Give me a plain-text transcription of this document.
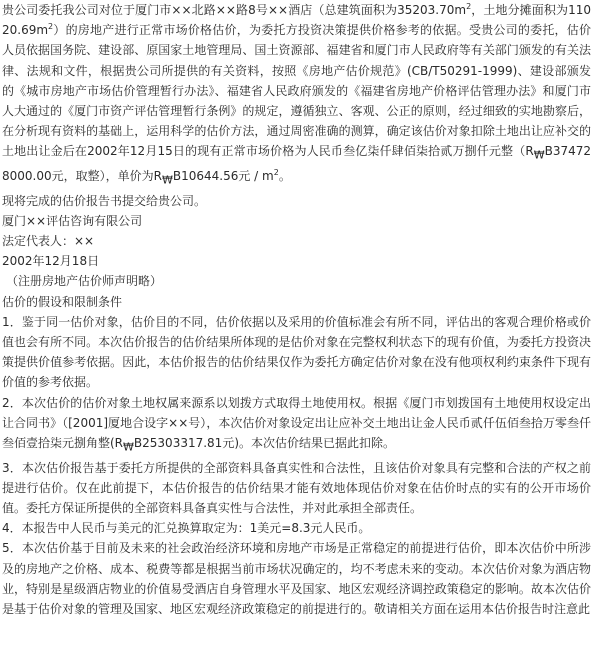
贵公司委托我公司对位于厦门市××北路××路8号××酒店（总建筑面积为$35203.70m^2$，土地分摊面积为$11020.69m^2$）的房地产进行正常市场价格估价，为委托方投资决策提供价格参考的依据。受贵公司的委托，估价人员依据国务院、建设部、原国家土地管理局、国土资源部、福建省和厦门市人民政府等有关部门颁发的有关法律、法规和文件，根据贵公司所提供的有关资料，按照《房地产估价规范》(CB/T50291-1999)、建设部颁发的《城市房地产市场估价管理暂行办法》、福建省人民政府颁发的《福建省房地产价格评估管理办法》和厦门市人大通过的《厦门市资产评估管理暂行条例》的规定，遵循独立、客观、公正的原则，经过细致的实地勘察后，在分析现有资料的基础上，运用科学的估价方法，通过周密准确的测算，确定该估价对象扣除土地出让应补交的土地出让金后在2002年12月15日的现有正常市场价格为人民币叁亿柒仟肆佰柒拾贰万捌仟元整（$R_₩B374728000.00$元，取整），单价为$R_₩B10644.56$元 / $m^2$。

现将完成的估价报告书提交给贵公司。

厦门××评估咨询有限公司

法定代表人：××

2002年12月18日

（注册房地产估价师声明略）

估价的假设和限制条件

1．鉴于同一估价对象，估价目的不同，估价依据以及采用的价值标准会有所不同，评估出的客观合理价格或价值也会有所不同。本次估价报告的估价结果所体现的是估价对象在完整权利状态下的现有价值，为委托方投资决策提供价值参考依据。因此，本估价报告的估价结果仅作为委托方确定估价对象在没有他项权利约束条件下现有价值的参考依据。

2．本次估价的估价对象土地权属来源系以划拨方式取得土地使用权。根据《厦门市划拨国有土地使用权设定出让合同书》（[2001]厦地合设字××号），本次估价对象设定出让应补交土地出让金人民币贰仟伍佰叁拾万零叁仟叁佰壹拾柒元捌角整($R_₩B25303317.81$元)。本次估价结果已据此扣除。

3．本次估价报告基于委托方所提供的全部资料具备真实性和合法性，且该估价对象具有完整和合法的产权之前提进行估价。仅在此前提下，本估价报告的估价结果才能有效地体现估价对象在估价时点的实有的公开市场价值。委托方保证所提供的全部资料具备真实性与合法性，并对此承担全部责任。

4．本报告中人民币与美元的汇兑换算取定为：1美元=8.3元人民币。

5．本次估价基于目前及未来的社会政治经济环境和房地产市场是正常稳定的前提进行估价，即本次估价中所涉及的房地产之价格、成本、税费等都是根据当前市场状况确定的，均不考虑未来的变动。本次估价对象为酒店物业，特别是星级酒店物业的价值易受酒店自身管理水平及国家、地区宏观经济调控政策稳定的影响。故本次估价是基于估价对象的管理及国家、地区宏观经济政策稳定的前提进行的。敬请相关方面在运用本估价报告时注意此
